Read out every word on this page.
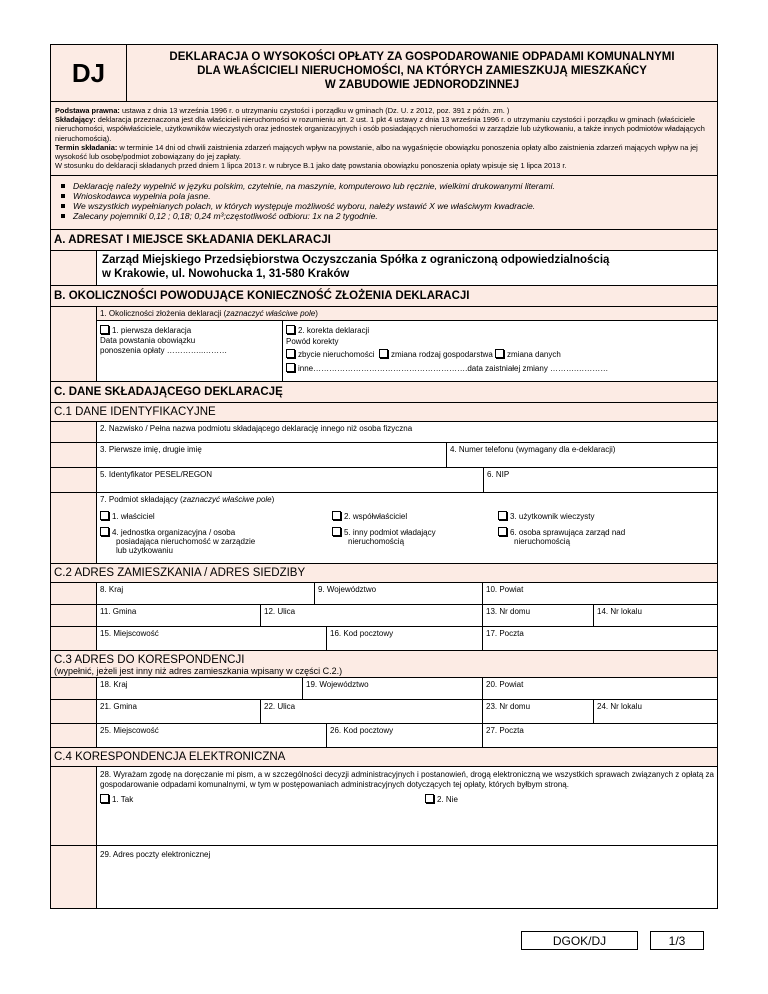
DJ
DEKLARACJA O WYSOKOŚCI OPŁATY ZA GOSPODAROWANIE ODPADAMI KOMUNALNYMI
DLA WŁAŚCICIELI NIERUCHOMOŚCI, NA KTÓRYCH ZAMIESZKUJĄ MIESZKAŃCY
W ZABUDOWIE JEDNORODZINNEJ
Podstawa prawna: ustawa z dnia 13 września 1996 r. o utrzymaniu czystości i porządku w gminach (Dz. U. z 2012, poz. 391 z późn. zm. )
Składający: deklaracja przeznaczona jest dla właścicieli nieruchomości w rozumieniu art. 2 ust. 1 pkt 4 ustawy z dnia 13 września 1996 r. o utrzymaniu czystości i porządku w gminach (właściciele nieruchomości, współwłaściciele, użytkowników wieczystych oraz jednostek organizacyjnych i osób posiadających nieruchomości w zarządzie lub użytkowaniu, a także innych podmiotów władających nieruchomością).
Termin składania: w terminie 14 dni od chwili zaistnienia zdarzeń mających wpływ na powstanie, albo na wygaśnięcie obowiązku ponoszenia opłaty albo zaistnienia zdarzeń mających wpływ na jej wysokość lub osobę/podmiot zobowiązany do jej zapłaty.
W stosunku do deklaracji składanych przed dniem 1 lipca 2013 r. w rubryce B.1 jako datę powstania obowiązku ponoszenia opłaty wpisuje się 1 lipca 2013 r.
Deklarację należy wypełnić w języku polskim, czytelnie, na maszynie, komputerowo lub ręcznie, wielkimi drukowanymi literami.
Wnioskodawca wypełnia pola jasne.
We wszystkich wypełnianych polach, w których występuje możliwość wyboru, należy wstawić X we właściwym kwadracie.
Zalecany pojemniki 0,12 ; 0,18; 0,24 m³;częstotliwość odbioru: 1x na 2 tygodnie.
A. ADRESAT I MIEJSCE SKŁADANIA DEKLARACJI
Zarząd Miejskiego Przedsiębiorstwa Oczyszczania Spółka z ograniczoną odpowiedzialnością
w Krakowie, ul. Nowohucka 1, 31-580 Kraków
B. OKOLICZNOŚCI POWODUJĄCE KONIECZNOŚĆ ZŁOŻENIA DEKLARACJI
1. Okoliczności złożenia deklaracji (zaznaczyć właściwe pole)
1. pierwsza deklaracja
Data powstania obowiązku
ponoszenia opłaty …………..………
2. korekta deklaracji
Powód korekty
zbycie nieruchomości zmiana rodzaj gospodarstwa zmiana danych
inne………………………………………………….data zaistniałej zmiany ……….…………
C. DANE SKŁADAJĄCEGO DEKLARACJĘ
C.1 DANE IDENTYFIKACYJNE
2. Nazwisko / Pełna nazwa podmiotu składającego deklarację innego niż osoba fizyczna
3. Pierwsze imię, drugie imię	4. Numer telefonu (wymagany dla e-deklaracji)
5. Identyfikator PESEL/REGON	6. NIP
7. Podmiot składający (zaznaczyć właściwe pole)
1. właściciel	2. współwłaściciel	3. użytkownik wieczysty
4. jednostka organizacyjna / osoba
posiadająca nieruchomość w zarządzie
lub użytkowaniu
5. inny podmiot władający
nieruchomością
6. osoba sprawująca zarząd nad
nieruchomością
C.2 ADRES ZAMIESZKANIA / ADRES SIEDZIBY
8. Kraj	9. Województwo	10. Powiat
11. Gmina	12. Ulica	13. Nr domu	14. Nr lokalu
15. Miejscowość	16. Kod pocztowy	17. Poczta
C.3 ADRES DO KORESPONDENCJI
(wypełnić, jeżeli jest inny niż adres zamieszkania wpisany w części C.2.)
18. Kraj	19. Województwo	20. Powiat
21. Gmina	22. Ulica	23. Nr domu	24. Nr lokalu
25. Miejscowość	26. Kod pocztowy	27. Poczta
C.4 KORESPONDENCJA ELEKTRONICZNA
28. Wyrażam zgodę na doręczanie mi pism, a w szczególności decyzji administracyjnych i postanowień, drogą elektroniczną we wszystkich sprawach związanych z opłatą za gospodarowanie odpadami komunalnymi, w tym w postępowaniach administracyjnych dotyczących tej opłaty, których byłbym stroną.
1. Tak	2. Nie
29. Adres poczty elektronicznej
DGOK/DJ	1/3
